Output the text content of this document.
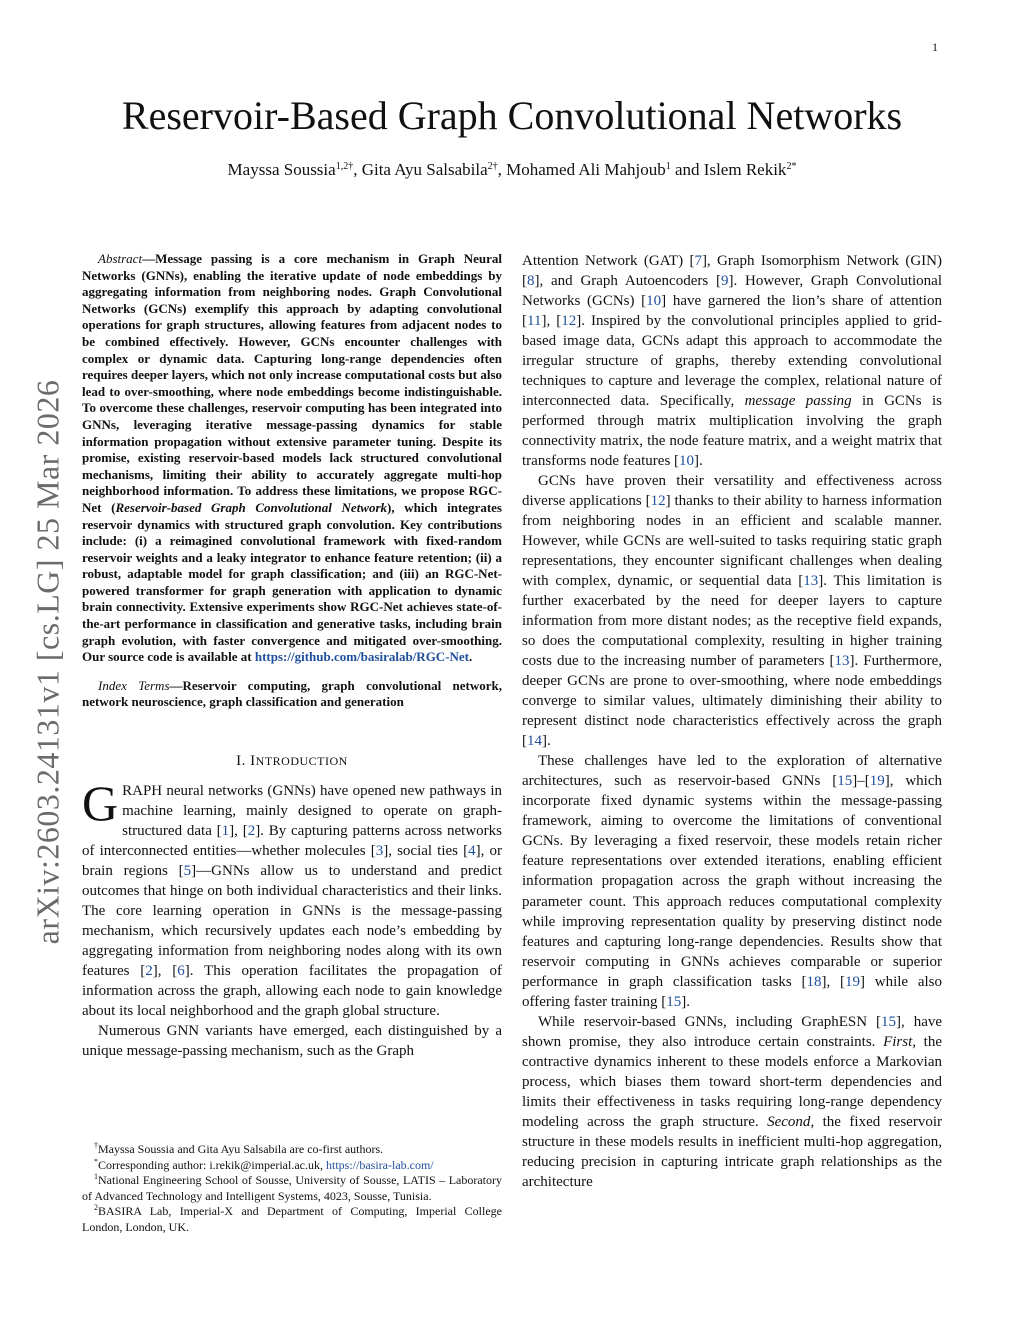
1
arXiv:2603.24131v1 [cs.LG] 25 Mar 2026
Reservoir-Based Graph Convolutional Networks
Mayssa Soussia$^{1,2\dagger}$, Gita Ayu Salsabila$^{2\dagger}$, Mohamed Ali Mahjoub$^1$ and Islem Rekik$^{2*}$

Abstract—Message passing is a core mechanism in Graph Neural Networks (GNNs), enabling the iterative update of node embeddings by aggregating information from neighboring nodes. Graph Convolutional Networks (GCNs) exemplify this approach by adapting convolutional operations for graph structures, allowing features from adjacent nodes to be combined effectively. However, GCNs encounter challenges with complex or dynamic data. Capturing long-range dependencies often requires deeper layers, which not only increase computational costs but also lead to over-smoothing, where node embeddings become indistinguishable. To overcome these challenges, reservoir computing has been integrated into GNNs, leveraging iterative message-passing dynamics for stable information propagation without extensive parameter tuning. Despite its promise, existing reservoir-based models lack structured convolutional mechanisms, limiting their ability to accurately aggregate multi-hop neighborhood information. To address these limitations, we propose RGC-Net (Reservoir-based Graph Convolutional Network), which integrates reservoir dynamics with structured graph convolution. Key contributions include: (i) a reimagined convolutional framework with fixed-random reservoir weights and a leaky integrator to enhance feature retention; (ii) a robust, adaptable model for graph classification; and (iii) an RGC-Net-powered transformer for graph generation with application to dynamic brain connectivity. Extensive experiments show RGC-Net achieves state-of-the-art performance in classification and generative tasks, including brain graph evolution, with faster convergence and mitigated over-smoothing. Our source code is available at https://github.com/basiralab/RGC-Net.

Index Terms—Reservoir computing, graph convolutional network, network neuroscience, graph classification and generation

I. INTRODUCTION

GRAPH neural networks (GNNs) have opened new pathways in machine learning, mainly designed to operate on graph-structured data [1], [2]. By capturing patterns across networks of interconnected entities—whether molecules [3], social ties [4], or brain regions [5]—GNNs allow us to understand and predict outcomes that hinge on both individual characteristics and their links. The core learning operation in GNNs is the message-passing mechanism, which recursively updates each node’s embedding by aggregating information from neighboring nodes along with its own features [2], [6]. This operation facilitates the propagation of information across the graph, allowing each node to gain knowledge about its local neighborhood and the graph global structure.

Numerous GNN variants have emerged, each distinguished by a unique message-passing mechanism, such as the Graph

†Mayssa Soussia and Gita Ayu Salsabila are co-first authors.

*Corresponding author: i.rekik@imperial.ac.uk, https://basira-lab.com/

$^1$National Engineering School of Sousse, University of Sousse, LATIS – Laboratory of Advanced Technology and Intelligent Systems, 4023, Sousse, Tunisia.

$^2$BASIRA Lab, Imperial-X and Department of Computing, Imperial College London, London, UK.

Attention Network (GAT) [7], Graph Isomorphism Network (GIN) [8], and Graph Autoencoders [9]. However, Graph Convolutional Networks (GCNs) [10] have garnered the lion’s share of attention [11], [12]. Inspired by the convolutional principles applied to grid-based image data, GCNs adapt this approach to accommodate the irregular structure of graphs, thereby extending convolutional techniques to capture and leverage the complex, relational nature of interconnected data. Specifically, message passing in GCNs is performed through matrix multiplication involving the graph connectivity matrix, the node feature matrix, and a weight matrix that transforms node features [10].

GCNs have proven their versatility and effectiveness across diverse applications [12] thanks to their ability to harness information from neighboring nodes in an efficient and scalable manner. However, while GCNs are well-suited to tasks requiring static graph representations, they encounter significant challenges when dealing with complex, dynamic, or sequential data [13]. This limitation is further exacerbated by the need for deeper layers to capture information from more distant nodes; as the receptive field expands, so does the computational complexity, resulting in higher training costs due to the increasing number of parameters [13]. Furthermore, deeper GCNs are prone to over-smoothing, where node embeddings converge to similar values, ultimately diminishing their ability to represent distinct node characteristics effectively across the graph [14].

These challenges have led to the exploration of alternative architectures, such as reservoir-based GNNs [15]–[19], which incorporate fixed dynamic systems within the message-passing framework, aiming to overcome the limitations of conventional GCNs. By leveraging a fixed reservoir, these models retain richer feature representations over extended iterations, enabling efficient information propagation across the graph without increasing the parameter count. This approach reduces computational complexity while improving representation quality by preserving distinct node features and capturing long-range dependencies. Results show that reservoir computing in GNNs achieves comparable or superior performance in graph classification tasks [18], [19] while also offering faster training [15].

While reservoir-based GNNs, including GraphESN [15], have shown promise, they also introduce certain constraints. First, the contractive dynamics inherent to these models enforce a Markovian process, which biases them toward short-term dependencies and limits their effectiveness in tasks requiring long-range dependency modeling across the graph structure. Second, the fixed reservoir structure in these models results in inefficient multi-hop aggregation, reducing precision in capturing intricate graph relationships as the architecture
